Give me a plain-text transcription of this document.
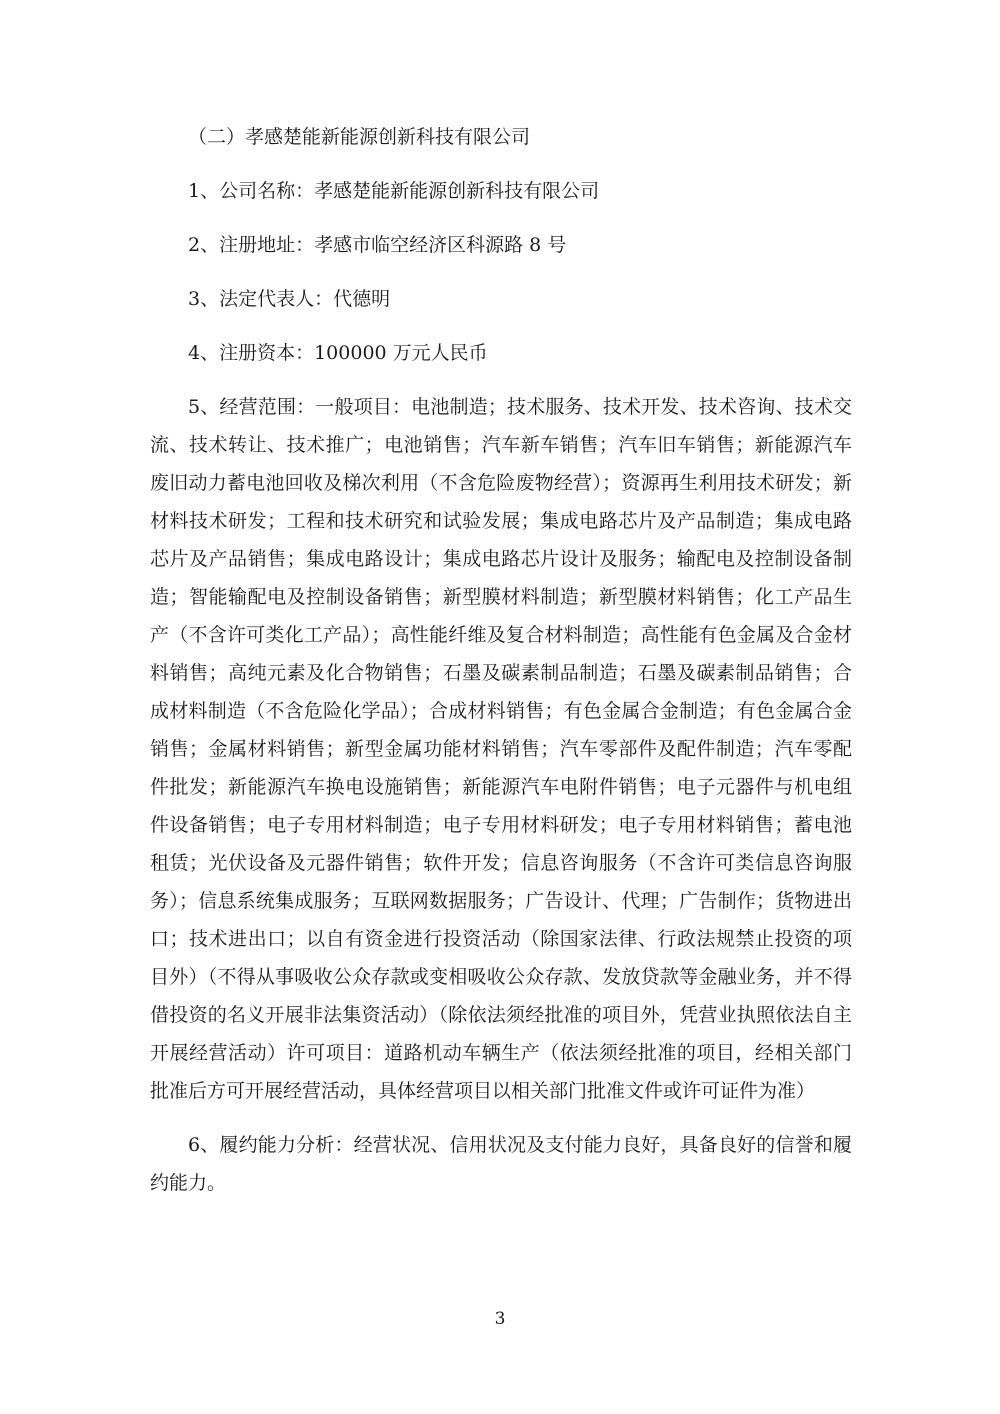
（二）孝感楚能新能源创新科技有限公司

1、公司名称：孝感楚能新能源创新科技有限公司

2、注册地址：孝感市临空经济区科源路 8 号

3、法定代表人：代德明

4、注册资本：100000 万元人民币

5、经营范围：一般项目：电池制造；技术服务、技术开发、技术咨询、技术交流、技术转让、技术推广；电池销售；汽车新车销售；汽车旧车销售；新能源汽车废旧动力蓄电池回收及梯次利用（不含危险废物经营）；资源再生利用技术研发；新材料技术研发；工程和技术研究和试验发展；集成电路芯片及产品制造；集成电路芯片及产品销售；集成电路设计；集成电路芯片设计及服务；输配电及控制设备制造；智能输配电及控制设备销售；新型膜材料制造；新型膜材料销售；化工产品生产（不含许可类化工产品）；高性能纤维及复合材料制造；高性能有色金属及合金材料销售；高纯元素及化合物销售；石墨及碳素制品制造；石墨及碳素制品销售；合成材料制造（不含危险化学品）；合成材料销售；有色金属合金制造；有色金属合金销售；金属材料销售；新型金属功能材料销售；汽车零部件及配件制造；汽车零配件批发；新能源汽车换电设施销售；新能源汽车电附件销售；电子元器件与机电组件设备销售；电子专用材料制造；电子专用材料研发；电子专用材料销售；蓄电池租赁；光伏设备及元器件销售；软件开发；信息咨询服务（不含许可类信息咨询服务）；信息系统集成服务；互联网数据服务；广告设计、代理；广告制作；货物进出口；技术进出口；以自有资金进行投资活动（除国家法律、行政法规禁止投资的项目外）（不得从事吸收公众存款或变相吸收公众存款、发放贷款等金融业务，并不得借投资的名义开展非法集资活动）（除依法须经批准的项目外，凭营业执照依法自主开展经营活动）许可项目：道路机动车辆生产（依法须经批准的项目，经相关部门批准后方可开展经营活动，具体经营项目以相关部门批准文件或许可证件为准）

6、履约能力分析：经营状况、信用状况及支付能力良好，具备良好的信誉和履约能力。

3
